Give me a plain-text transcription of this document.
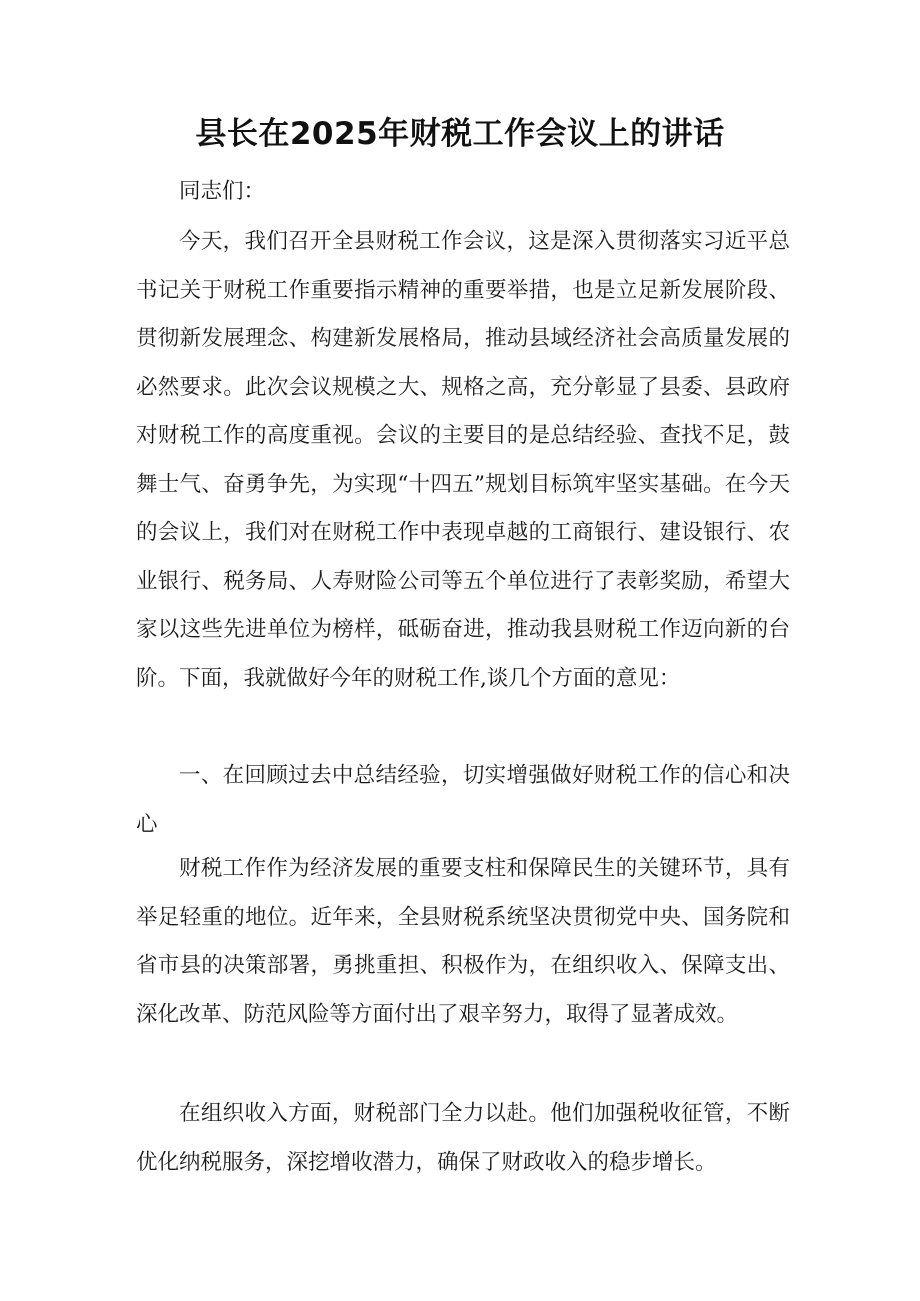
县长在2025年财税工作会议上的讲话

同志们：

今天，我们召开全县财税工作会议，这是深入贯彻落实习近平总书记关于财税工作重要指示精神的重要举措，也是立足新发展阶段、贯彻新发展理念、构建新发展格局，推动县域经济社会高质量发展的必然要求。此次会议规模之大、规格之高，充分彰显了县委、县政府对财税工作的高度重视。会议的主要目的是总结经验、查找不足，鼓舞士气、奋勇争先，为实现“十四五”规划目标筑牢坚实基础。在今天的会议上，我们对在财税工作中表现卓越的工商银行、建设银行、农业银行、税务局、人寿财险公司等五个单位进行了表彰奖励，希望大家以这些先进单位为榜样，砥砺奋进，推动我县财税工作迈向新的台阶。下面，我就做好今年的财税工作,谈几个方面的意见：

一、在回顾过去中总结经验，切实增强做好财税工作的信心和决心

财税工作作为经济发展的重要支柱和保障民生的关键环节，具有举足轻重的地位。近年来，全县财税系统坚决贯彻党中央、国务院和省市县的决策部署，勇挑重担、积极作为，在组织收入、保障支出、深化改革、防范风险等方面付出了艰辛努力，取得了显著成效。

在组织收入方面，财税部门全力以赴。他们加强税收征管，不断优化纳税服务，深挖增收潜力，确保了财政收入的稳步增长。
